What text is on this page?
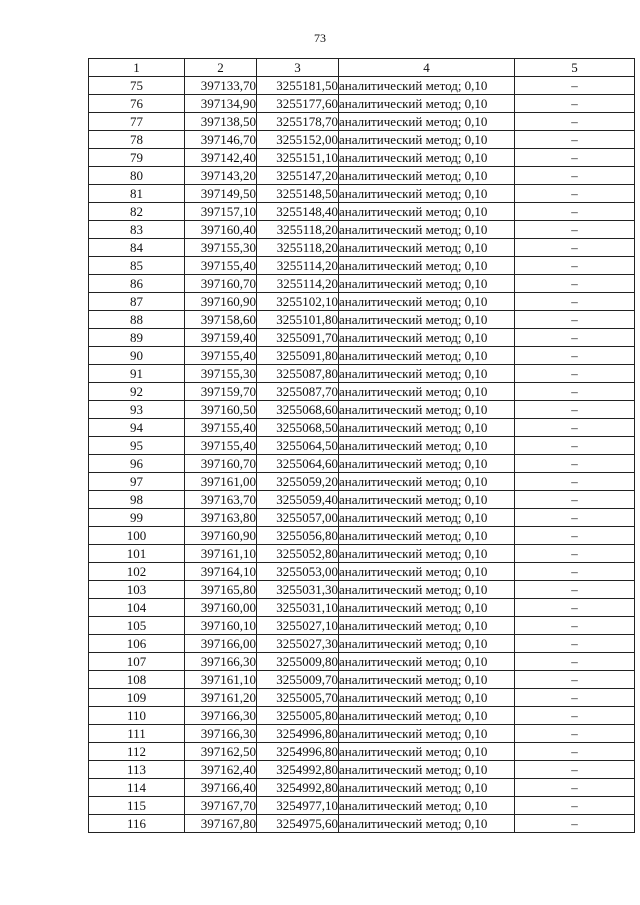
73
1	2	3	4	5
75	397133,70	3255181,50	аналитический метод; 0,10	–
76	397134,90	3255177,60	аналитический метод; 0,10	–
77	397138,50	3255178,70	аналитический метод; 0,10	–
78	397146,70	3255152,00	аналитический метод; 0,10	–
79	397142,40	3255151,10	аналитический метод; 0,10	–
80	397143,20	3255147,20	аналитический метод; 0,10	–
81	397149,50	3255148,50	аналитический метод; 0,10	–
82	397157,10	3255148,40	аналитический метод; 0,10	–
83	397160,40	3255118,20	аналитический метод; 0,10	–
84	397155,30	3255118,20	аналитический метод; 0,10	–
85	397155,40	3255114,20	аналитический метод; 0,10	–
86	397160,70	3255114,20	аналитический метод; 0,10	–
87	397160,90	3255102,10	аналитический метод; 0,10	–
88	397158,60	3255101,80	аналитический метод; 0,10	–
89	397159,40	3255091,70	аналитический метод; 0,10	–
90	397155,40	3255091,80	аналитический метод; 0,10	–
91	397155,30	3255087,80	аналитический метод; 0,10	–
92	397159,70	3255087,70	аналитический метод; 0,10	–
93	397160,50	3255068,60	аналитический метод; 0,10	–
94	397155,40	3255068,50	аналитический метод; 0,10	–
95	397155,40	3255064,50	аналитический метод; 0,10	–
96	397160,70	3255064,60	аналитический метод; 0,10	–
97	397161,00	3255059,20	аналитический метод; 0,10	–
98	397163,70	3255059,40	аналитический метод; 0,10	–
99	397163,80	3255057,00	аналитический метод; 0,10	–
100	397160,90	3255056,80	аналитический метод; 0,10	–
101	397161,10	3255052,80	аналитический метод; 0,10	–
102	397164,10	3255053,00	аналитический метод; 0,10	–
103	397165,80	3255031,30	аналитический метод; 0,10	–
104	397160,00	3255031,10	аналитический метод; 0,10	–
105	397160,10	3255027,10	аналитический метод; 0,10	–
106	397166,00	3255027,30	аналитический метод; 0,10	–
107	397166,30	3255009,80	аналитический метод; 0,10	–
108	397161,10	3255009,70	аналитический метод; 0,10	–
109	397161,20	3255005,70	аналитический метод; 0,10	–
110	397166,30	3255005,80	аналитический метод; 0,10	–
111	397166,30	3254996,80	аналитический метод; 0,10	–
112	397162,50	3254996,80	аналитический метод; 0,10	–
113	397162,40	3254992,80	аналитический метод; 0,10	–
114	397166,40	3254992,80	аналитический метод; 0,10	–
115	397167,70	3254977,10	аналитический метод; 0,10	–
116	397167,80	3254975,60	аналитический метод; 0,10	–
